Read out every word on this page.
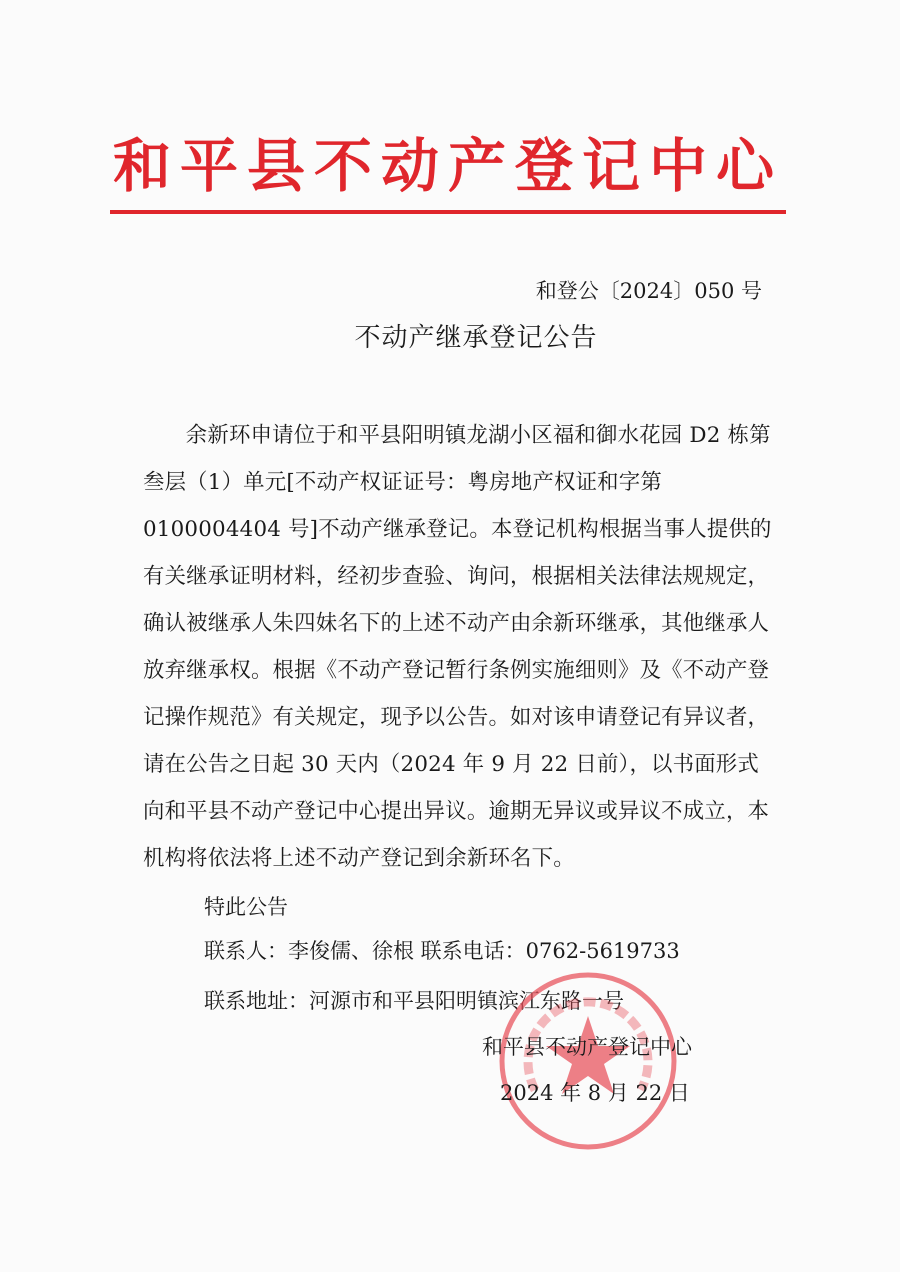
和平县不动产登记中心
和登公〔2024〕050 号
不动产继承登记公告

余新环申请位于和平县阳明镇龙湖小区福和御水花园 D2 栋第叁层（1）单元[不动产权证证号：粤房地产权证和字第 0100004404 号]不动产继承登记。本登记机构根据当事人提供的有关继承证明材料，经初步查验、询问，根据相关法律法规规定，确认被继承人朱四妹名下的上述不动产由余新环继承，其他继承人放弃继承权。根据《不动产登记暂行条例实施细则》及《不动产登记操作规范》有关规定，现予以公告。如对该申请登记有异议者，请在公告之日起 30 天内（2024 年 9 月 22 日前），以书面形式向和平县不动产登记中心提出异议。逾期无异议或异议不成立，本机构将依法将上述不动产登记到余新环名下。

特此公告
联系人：李俊儒、徐根 联系电话：0762-5619733
联系地址：河源市和平县阳明镇滨江东路一号
和平县不动产登记中心
2024 年 8 月 22 日
